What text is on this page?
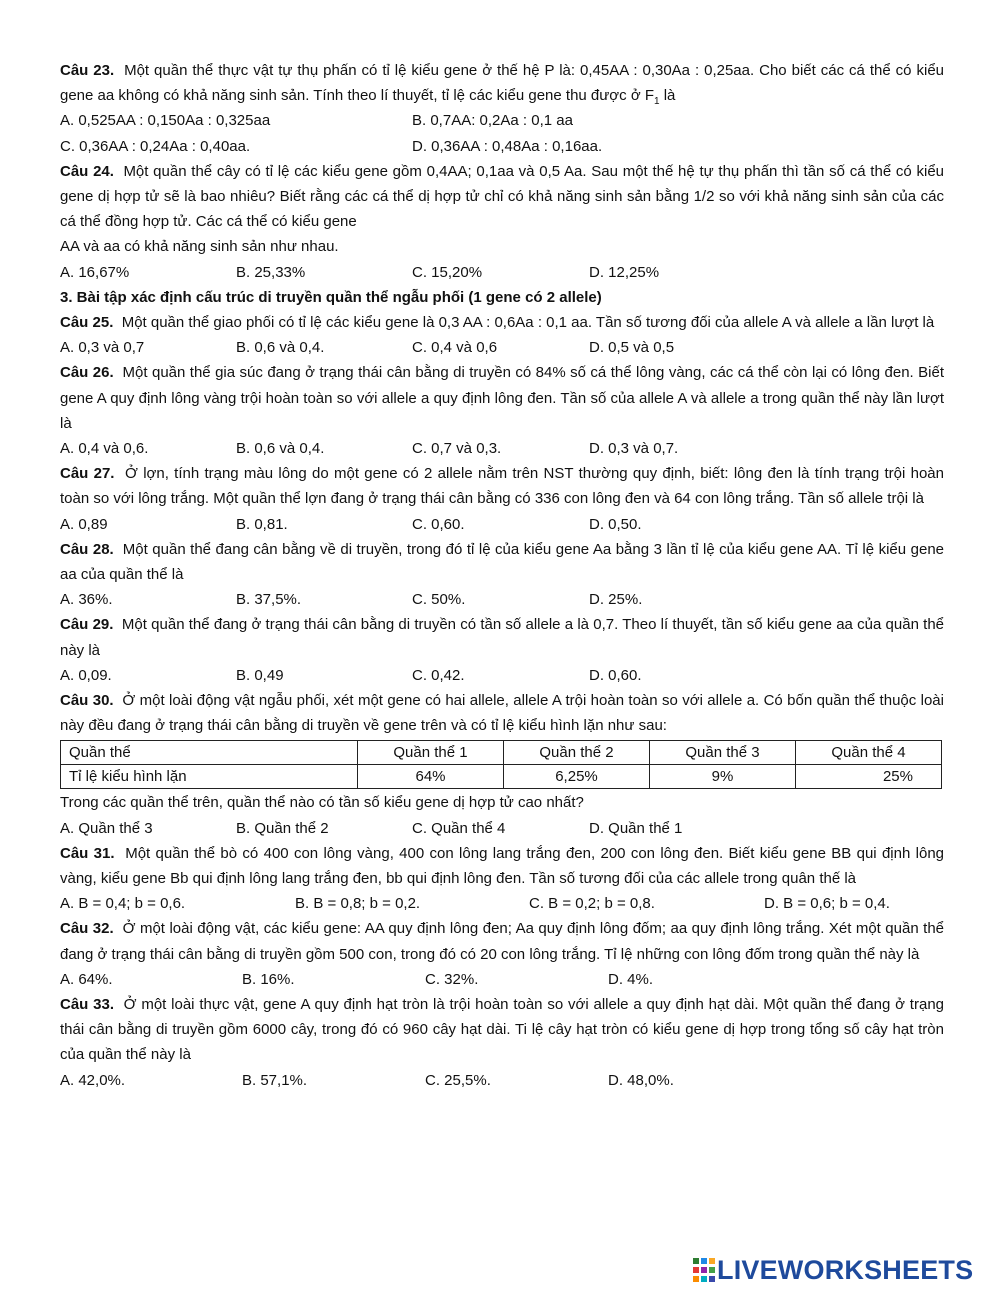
Câu 23. Một quần thể thực vật tự thụ phấn có tỉ lệ kiểu gene ở thế hệ P là: 0,45AA : 0,30Aa : 0,25aa. Cho biết các cá thể có kiểu gene aa không có khả năng sinh sản. Tính theo lí thuyết, tỉ lệ các kiểu gene thu được ở $F_1$ là

A. 0,525AA : 0,150Aa : 0,325aa	B. 0,7AA: 0,2Aa : 0,1 aa
C. 0,36AA : 0,24Aa : 0,40aa.	D. 0,36AA : 0,48Aa : 0,16aa.

Câu 24. Một quần thể cây có tỉ lệ các kiểu gene gồm 0,4AA; 0,1aa và 0,5 Aa. Sau một thế hệ tự thụ phấn thì tần số cá thể có kiểu gene dị hợp tử sẽ là bao nhiêu? Biết rằng các cá thể dị hợp tử chỉ có khả năng sinh sản bằng 1/2 so với khả năng sinh sản của các cá thể đồng hợp tử. Các cá thể có kiểu gene

AA và aa có khả năng sinh sản như nhau.

A. 16,67%	B. 25,33%	C. 15,20%	D. 12,25%

3. Bài tập xác định cấu trúc di truyền quần thể ngẫu phối (1 gene có 2 allele)

Câu 25. Một quần thể giao phối có tỉ lệ các kiểu gene là 0,3 AA : 0,6Aa : 0,1 aa. Tần số tương đối của allele A và allele a lần lượt là

A. 0,3 và 0,7	B. 0,6 và 0,4.	C. 0,4 và 0,6	D. 0,5 và 0,5

Câu 26. Một quần thể gia súc đang ở trạng thái cân bằng di truyền có 84% số cá thể lông vàng, các cá thể còn lại có lông đen. Biết gene A quy định lông vàng trội hoàn toàn so với allele a quy định lông đen. Tần số của allele A và allele a trong quần thể này lần lượt là

A. 0,4 và 0,6.	B. 0,6 và 0,4.	C. 0,7 và 0,3.	D. 0,3 và 0,7.

Câu 27. Ở lợn, tính trạng màu lông do một gene có 2 allele nằm trên NST thường quy định, biết: lông đen là tính trạng trội hoàn toàn so với lông trắng. Một quần thể lợn đang ở trạng thái cân bằng có 336 con lông đen và 64 con lông trắng. Tần số allele trội là

A. 0,89	B. 0,81.	C. 0,60.	D. 0,50.

Câu 28. Một quần thể đang cân bằng về di truyền, trong đó tỉ lệ của kiểu gene Aa bằng 3 lần tỉ lệ của kiểu gene AA. Tỉ lệ kiểu gene aa của quần thể là

A. 36%.	B. 37,5%.	C. 50%.	D. 25%.

Câu 29. Một quần thể đang ở trạng thái cân bằng di truyền có tần số allele a là 0,7. Theo lí thuyết, tần số kiểu gene aa của quần thể này là

A. 0,09.	B. 0,49	C. 0,42.	D. 0,60.

Câu 30. Ở một loài động vật ngẫu phối, xét một gene có hai allele, allele A trội hoàn toàn so với allele a. Có bốn quần thể thuộc loài này đều đang ở trạng thái cân bằng di truyền về gene trên và có tỉ lệ kiểu hình lặn như sau:

Quần thể	Quần thể 1	Quần thể 2	Quần thể 3	Quần thể 4
Tỉ lệ kiểu hình lặn	64%	6,25%	9%	25%

Trong các quần thể trên, quần thể nào có tần số kiểu gene dị hợp tử cao nhất?

A. Quần thể 3	B. Quần thể 2	C. Quần thể 4	D. Quần thể 1

Câu 31. Một quần thể bò có 400 con lông vàng, 400 con lông lang trắng đen, 200 con lông đen. Biết kiểu gene BB qui định lông vàng, kiểu gene Bb qui định lông lang trắng đen, bb qui định lông đen. Tần số tương đối của các allele trong quân thế là

A. B = 0,4; b = 0,6.	B. B = 0,8; b = 0,2.	C. B = 0,2; b = 0,8.	D. B = 0,6; b = 0,4.

Câu 32. Ở một loài động vật, các kiểu gene: AA quy định lông đen; Aa quy định lông đốm; aa quy định lông trắng. Xét một quần thể đang ở trạng thái cân bằng di truyền gồm 500 con, trong đó có 20 con lông trắng. Tỉ lệ những con lông đốm trong quần thể này là

A. 64%.	B. 16%.	C. 32%.	D. 4%.

Câu 33. Ở một loài thực vật, gene A quy định hạt tròn là trội hoàn toàn so với allele a quy định hạt dài. Một quần thể đang ở trạng thái cân bằng di truyền gồm 6000 cây, trong đó có 960 cây hạt dài. Ti lệ cây hạt tròn có kiểu gene dị hợp trong tổng số cây hạt tròn của quần thể này là

A. 42,0%.	B. 57,1%.	C. 25,5%.	D. 48,0%.
LIVEWORKSHEETS
